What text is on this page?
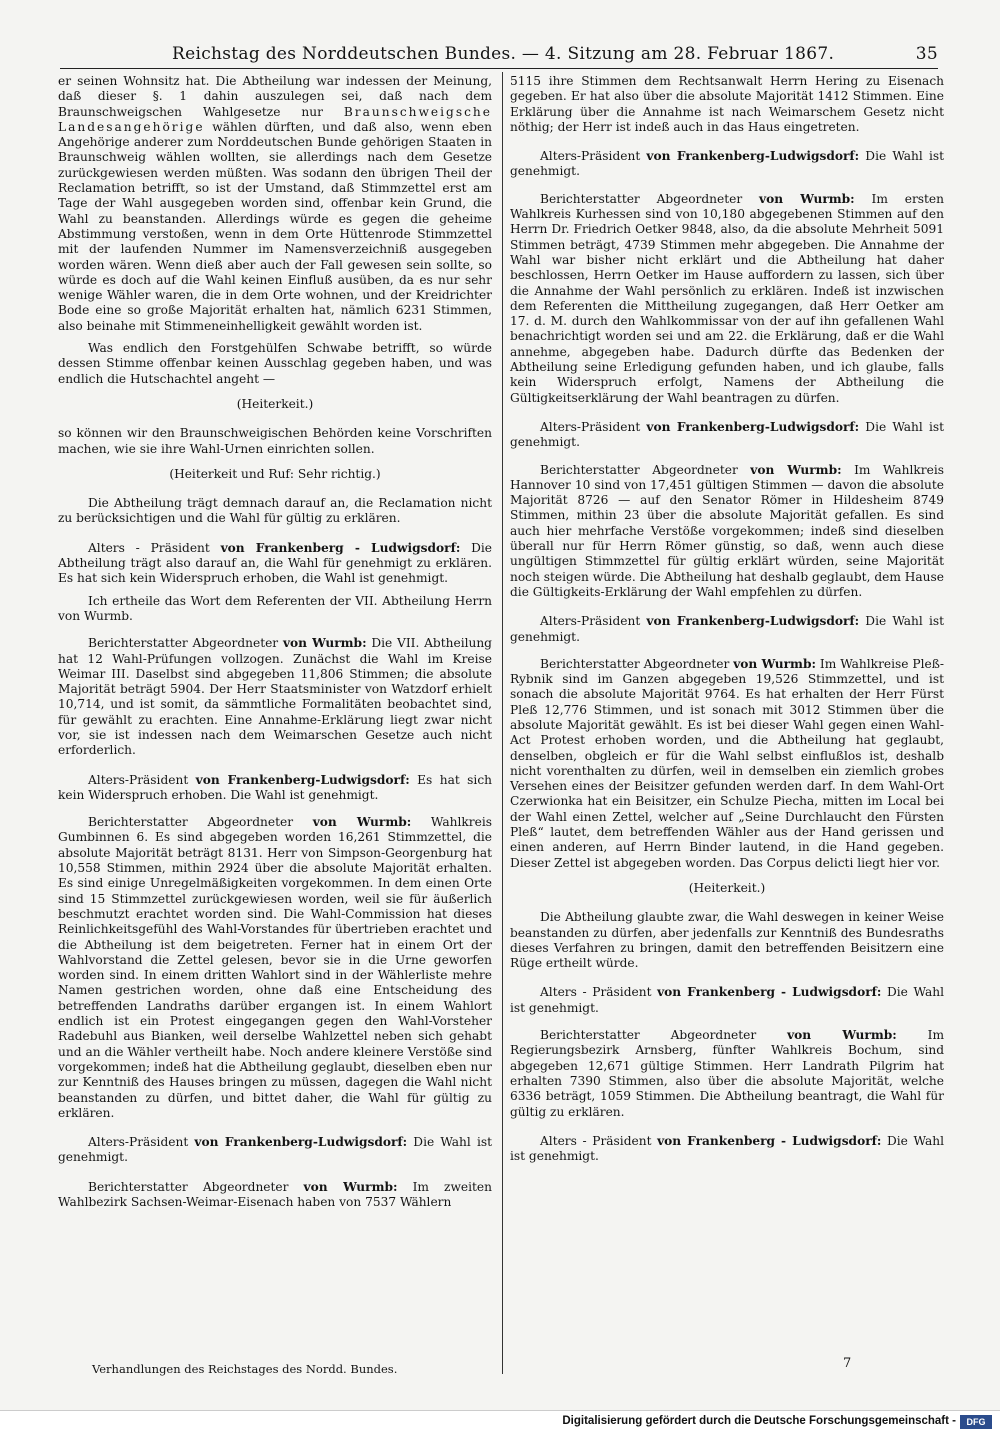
Reichstag des Norddeutschen Bundes. — 4. Sitzung am 28. Februar 1867.	35

er seinen Wohnsitz hat. Die Abtheilung war indessen der Meinung, daß dieser §. 1 dahin auszulegen sei, daß nach dem Braunschweigschen Wahlgesetze nur Braunschweigsche Landesangehörige wählen dürften, und daß also, wenn eben Angehörige anderer zum Norddeutschen Bunde gehörigen Staaten in Braunschweig wählen wollten, sie allerdings nach dem Gesetze zurückgewiesen werden müßten. Was sodann den übrigen Theil der Reclamation betrifft, so ist der Umstand, daß Stimmzettel erst am Tage der Wahl ausgegeben worden sind, offenbar kein Grund, die Wahl zu beanstanden. Allerdings würde es gegen die geheime Abstimmung verstoßen, wenn in dem Orte Hüttenrode Stimmzettel mit der laufenden Nummer im Namensverzeichniß ausgegeben worden wären. Wenn dieß aber auch der Fall gewesen sein sollte, so würde es doch auf die Wahl keinen Einfluß ausüben, da es nur sehr wenige Wähler waren, die in dem Orte wohnen, und der Kreidrichter Bode eine so große Majorität erhalten hat, nämlich 6231 Stimmen, also beinahe mit Stimmeneinhelligkeit gewählt worden ist.

Was endlich den Forstgehülfen Schwabe betrifft, so würde dessen Stimme offenbar keinen Ausschlag gegeben haben, und was endlich die Hutschachtel angeht —

(Heiterkeit.)

so können wir den Braunschweigischen Behörden keine Vorschriften machen, wie sie ihre Wahl-Urnen einrichten sollen.

(Heiterkeit und Ruf: Sehr richtig.)

Die Abtheilung trägt demnach darauf an, die Reclamation nicht zu berücksichtigen und die Wahl für gültig zu erklären.

Alters - Präsident von Frankenberg - Ludwigsdorf: Die Abtheilung trägt also darauf an, die Wahl für genehmigt zu erklären. Es hat sich kein Widerspruch erhoben, die Wahl ist genehmigt.

Ich ertheile das Wort dem Referenten der VII. Abtheilung Herrn von Wurmb.

Berichterstatter Abgeordneter von Wurmb: Die VII. Abtheilung hat 12 Wahl-Prüfungen vollzogen. Zunächst die Wahl im Kreise Weimar III. Daselbst sind abgegeben 11,806 Stimmen; die absolute Majorität beträgt 5904. Der Herr Staatsminister von Watzdorf erhielt 10,714, und ist somit, da sämmtliche Formalitäten beobachtet sind, für gewählt zu erachten. Eine Annahme-Erklärung liegt zwar nicht vor, sie ist indessen nach dem Weimarschen Gesetze auch nicht erforderlich.

Alters-Präsident von Frankenberg-Ludwigsdorf: Es hat sich kein Widerspruch erhoben. Die Wahl ist genehmigt.

Berichterstatter Abgeordneter von Wurmb: Wahlkreis Gumbinnen 6. Es sind abgegeben worden 16,261 Stimmzettel, die absolute Majorität beträgt 8131. Herr von Simpson-Georgenburg hat 10,558 Stimmen, mithin 2924 über die absolute Majorität erhalten. Es sind einige Unregelmäßigkeiten vorgekommen. In dem einen Orte sind 15 Stimmzettel zurückgewiesen worden, weil sie für äußerlich beschmutzt erachtet worden sind. Die Wahl-Commission hat dieses Reinlichkeitsgefühl des Wahl-Vorstandes für übertrieben erachtet und die Abtheilung ist dem beigetreten. Ferner hat in einem Ort der Wahlvorstand die Zettel gelesen, bevor sie in die Urne geworfen worden sind. In einem dritten Wahlort sind in der Wählerliste mehre Namen gestrichen worden, ohne daß eine Entscheidung des betreffenden Landraths darüber ergangen ist. In einem Wahlort endlich ist ein Protest eingegangen gegen den Wahl-Vorsteher Radebuhl aus Bianken, weil derselbe Wahlzettel neben sich gehabt und an die Wähler vertheilt habe. Noch andere kleinere Verstöße sind vorgekommen; indeß hat die Abtheilung geglaubt, dieselben eben nur zur Kenntniß des Hauses bringen zu müssen, dagegen die Wahl nicht beanstanden zu dürfen, und bittet daher, die Wahl für gültig zu erklären.

Alters-Präsident von Frankenberg-Ludwigsdorf: Die Wahl ist genehmigt.

Berichterstatter Abgeordneter von Wurmb: Im zweiten Wahlbezirk Sachsen-Weimar-Eisenach haben von 7537 Wählern

5115 ihre Stimmen dem Rechtsanwalt Herrn Hering zu Eisenach gegeben. Er hat also über die absolute Majorität 1412 Stimmen. Eine Erklärung über die Annahme ist nach Weimarschem Gesetz nicht nöthig; der Herr ist indeß auch in das Haus eingetreten.

Alters-Präsident von Frankenberg-Ludwigsdorf: Die Wahl ist genehmigt.

Berichterstatter Abgeordneter von Wurmb: Im ersten Wahlkreis Kurhessen sind von 10,180 abgegebenen Stimmen auf den Herrn Dr. Friedrich Oetker 9848, also, da die absolute Mehrheit 5091 Stimmen beträgt, 4739 Stimmen mehr abgegeben. Die Annahme der Wahl war bisher nicht erklärt und die Abtheilung hat daher beschlossen, Herrn Oetker im Hause auffordern zu lassen, sich über die Annahme der Wahl persönlich zu erklären. Indeß ist inzwischen dem Referenten die Mittheilung zugegangen, daß Herr Oetker am 17. d. M. durch den Wahlkommissar von der auf ihn gefallenen Wahl benachrichtigt worden sei und am 22. die Erklärung, daß er die Wahl annehme, abgegeben habe. Dadurch dürfte das Bedenken der Abtheilung seine Erledigung gefunden haben, und ich glaube, falls kein Widerspruch erfolgt, Namens der Abtheilung die Gültigkeitserklärung der Wahl beantragen zu dürfen.

Alters-Präsident von Frankenberg-Ludwigsdorf: Die Wahl ist genehmigt.

Berichterstatter Abgeordneter von Wurmb: Im Wahlkreis Hannover 10 sind von 17,451 gültigen Stimmen — davon die absolute Majorität 8726 — auf den Senator Römer in Hildesheim 8749 Stimmen, mithin 23 über die absolute Majorität gefallen. Es sind auch hier mehrfache Verstöße vorgekommen; indeß sind dieselben überall nur für Herrn Römer günstig, so daß, wenn auch diese ungültigen Stimmzettel für gültig erklärt würden, seine Majorität noch steigen würde. Die Abtheilung hat deshalb geglaubt, dem Hause die Gültigkeits-Erklärung der Wahl empfehlen zu dürfen.

Alters-Präsident von Frankenberg-Ludwigsdorf: Die Wahl ist genehmigt.

Berichterstatter Abgeordneter von Wurmb: Im Wahlkreise Pleß-Rybnik sind im Ganzen abgegeben 19,526 Stimmzettel, und ist sonach die absolute Majorität 9764. Es hat erhalten der Herr Fürst Pleß 12,776 Stimmen, und ist sonach mit 3012 Stimmen über die absolute Majorität gewählt. Es ist bei dieser Wahl gegen einen Wahl-Act Protest erhoben worden, und die Abtheilung hat geglaubt, denselben, obgleich er für die Wahl selbst einflußlos ist, deshalb nicht vorenthalten zu dürfen, weil in demselben ein ziemlich grobes Versehen eines der Beisitzer gefunden werden darf. In dem Wahl-Ort Czerwionka hat ein Beisitzer, ein Schulze Piecha, mitten im Local bei der Wahl einen Zettel, welcher auf „Seine Durchlaucht den Fürsten Pleß“ lautet, dem betreffenden Wähler aus der Hand gerissen und einen anderen, auf Herrn Binder lautend, in die Hand gegeben. Dieser Zettel ist abgegeben worden. Das Corpus delicti liegt hier vor.

(Heiterkeit.)

Die Abtheilung glaubte zwar, die Wahl deswegen in keiner Weise beanstanden zu dürfen, aber jedenfalls zur Kenntniß des Bundesraths dieses Verfahren zu bringen, damit den betreffenden Beisitzern eine Rüge ertheilt würde.

Alters - Präsident von Frankenberg - Ludwigsdorf: Die Wahl ist genehmigt.

Berichterstatter Abgeordneter von Wurmb: Im Regierungsbezirk Arnsberg, fünfter Wahlkreis Bochum, sind abgegeben 12,671 gültige Stimmen. Herr Landrath Pilgrim hat erhalten 7390 Stimmen, also über die absolute Majorität, welche 6336 beträgt, 1059 Stimmen. Die Abtheilung beantragt, die Wahl für gültig zu erklären.

Alters - Präsident von Frankenberg - Ludwigsdorf: Die Wahl ist genehmigt.

Verhandlungen des Reichstages des Nordd. Bundes.	7
Digitalisierung gefördert durch die Deutsche Forschungsgemeinschaft -	DFG
